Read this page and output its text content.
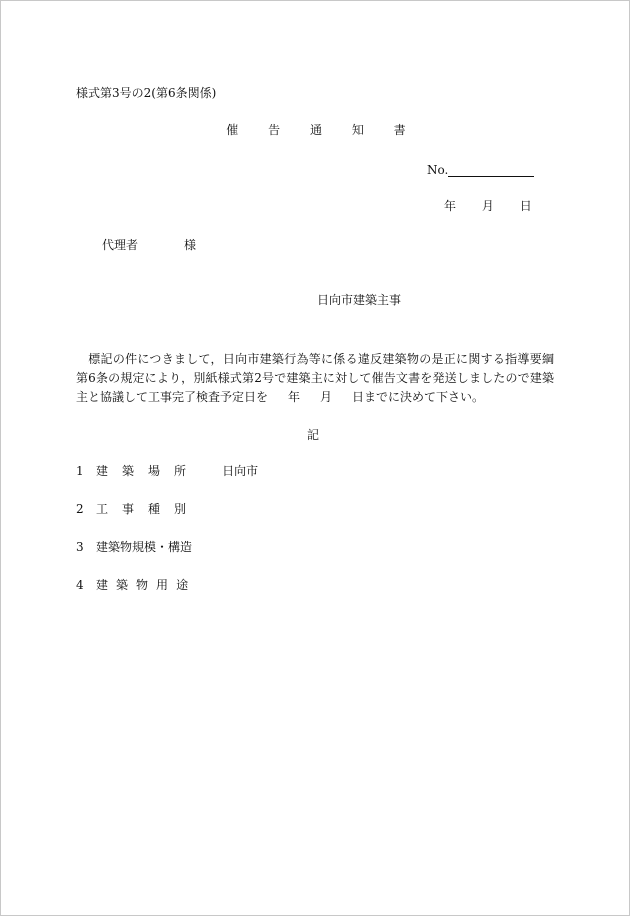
様式第3号の2(第6条関係)
催 告 通 知 書
No.
年 月 日
代理者	様
日向市建築主事
　標記の件につきまして，日向市建築行為等に係る違反建築物の是正に関する指導要綱第6条の規定により，別紙様式第2号で建築主に対して催告文書を発送しましたので建築主と協議して工事完了検査予定日を 年 月 日までに決めて下さい。
記
1 建 築 場 所	日向市
2 工 事 種 別
3 建築物規模・構造
4 建 築 物 用 途
